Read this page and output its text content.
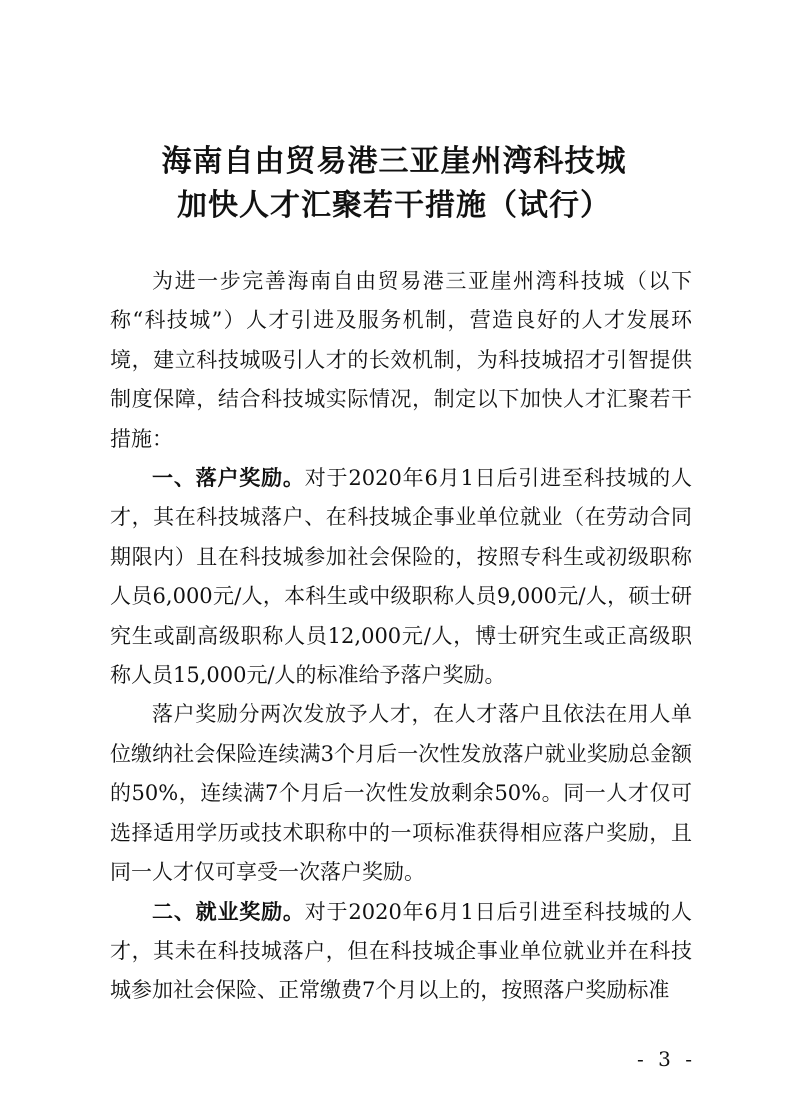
海南自由贸易港三亚崖州湾科技城
加快人才汇聚若干措施（试行）

为进一步完善海南自由贸易港三亚崖州湾科技城（以下称“科技城”）人才引进及服务机制，营造良好的人才发展环境，建立科技城吸引人才的长效机制，为科技城招才引智提供制度保障，结合科技城实际情况，制定以下加快人才汇聚若干措施：

一、落户奖励。对于2020年6月1日后引进至科技城的人才，其在科技城落户、在科技城企事业单位就业（在劳动合同期限内）且在科技城参加社会保险的，按照专科生或初级职称人员6,000元/人，本科生或中级职称人员9,000元/人，硕士研究生或副高级职称人员12,000元/人，博士研究生或正高级职称人员15,000元/人的标准给予落户奖励。

落户奖励分两次发放予人才，在人才落户且依法在用人单位缴纳社会保险连续满3个月后一次性发放落户就业奖励总金额的50%，连续满7个月后一次性发放剩余50%。同一人才仅可选择适用学历或技术职称中的一项标准获得相应落户奖励，且同一人才仅可享受一次落户奖励。

二、就业奖励。对于2020年6月1日后引进至科技城的人才，其未在科技城落户，但在科技城企事业单位就业并在科技城参加社会保险、正常缴费7个月以上的，按照落户奖励标准

- 3 -
